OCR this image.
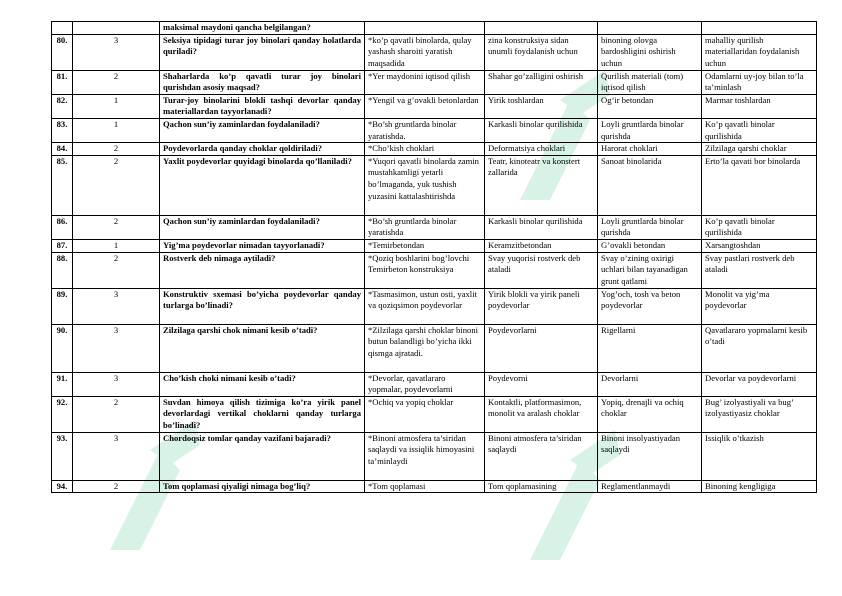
		maksimal maydoni qancha belgilangan?				
80.	3	Seksiya tipidagi turar joy binolari qanday holatlarda quriladi?	*ko’p qavatli binolarda, qulay yashash sharoiti yaratish maqsadida	zina konstruksiya sidan unumli foydalanish uchun	binoning olovga bardoshliginі oshirish uchun	mahalliy qurilish materiallaridan foydalanish uchun
81.	2	Shaharlarda ko’p qavatli turar joy binolari qurishdan asosiy maqsad?	*Yer maydonini iqtisod qilish	Shahar go’zalligini oshirish	Qurilish materiali (tom) iqtisod qilish	Odamlarni uy-joy bilan to’la ta’minlash
82.	1	Turar-joy binolarini blokli tashqi devorlar qanday materiallardan tayyorlanadi?	*Yengil va g’ovakli betonlardan	Yirik toshlardan	Og’ir betondan	Marmar toshlardan
83.	1	Qachon sun’iy zaminlardan foydalaniladi?	*Bo’sh gruntlarda binolar yaratishda.	Karkasli binolar qurilishida	Loyli gruntlarda binolar qurishda	Ko’p qavatli binolar qurilishida
84.	2	Poydevorlarda qanday choklar qoldiriladi?	*Cho’kish choklari	Deformatsiya choklari	Harorat choklari	Zilzilaga qarshi choklar
85.	2	Yaxlit poydevorlar quyidagi binolarda qo’llaniladi?	*Yuqori qavatli binolarda zamin mustahkamligi yetarli bo’lmaganda, yuk tushish yuzasini kattalashtirishda	Teatr, kinoteatr va konstert zallarida	Sanoat binolarida	Erto’la qavati bor binolarda
86.	2	Qachon sun’iy zaminlardan foydalaniladi?	*Bo’sh gruntlarda binolar yaratishda	Karkasli binolar qurilishida	Loyli gruntlarda binolar qurishda	Ko’p qavatli binolar qurilishida
87.	1	Yig’ma poydevorlar nimadan tayyorlanadi?	*Temirbetondan	Keramzitbetondan	G’ovakli betondan	Xarsangtoshdan
88.	2	Rostverk deb nimaga aytiladi?	*Qoziq boshlarini bog’lovchi Temirbeton konstruksiya	Svay yuqorisi rostverk deb ataladi	Svay o’zining oxirigi uchlari bilan tayanadigan grunt qatlami	Svay pastlari rostverk deb ataladi
89.	3	Konstruktiv sxemasi bo’yicha poydevorlar qanday turlarga bo’linadi?	*Tasmasimon, ustun osti, yaxlit va qoziqsimon poydevorlar	Yirik blokli va yirik paneli poydevorlar	Yog’och, tosh va beton poydevorlar	Monolit va yig’ma poydevorlar
90.	3	Zilzilaga qarshi chok nimani kesib o’tadi?	*Zilzilaga qarshi choklar binoni butun balandligi bo’yicha ikki qismga ajratadi.	Poydevorlarni	Rigellarni	Qavatlararo yopmalarni kesib o’tadi
91.	3	Cho’kish choki nimani kesib o’tadi?	*Devorlar, qavatlararo yopmalar, poydevorlarni	Poydevorni	Devorlarni	Devorlar va poydevorlarni
92.	2	Suvdan himoya qilish tizimiga ko’ra yirik panel devorlardagi vertikal choklarni qanday turlarga bo’linadi?	*Ochiq va yopiq choklar	Kontaktli, platformasimon, monolit va aralash choklar	Yopiq, drenajli va ochiq choklar	Bug’ izolyastiyali va bug’ izolyastiyasiz choklar
93.	3	Chordoqsiz tomlar qanday vazifani bajaradi?	*Binoni atmosfera ta’siridan saqlaydi va issiqlik himoyasini ta’minlaydi	Binoni atmosfera ta’siridan saqlaydi	Binoni insolyastiyadan saqlaydi	Issiqlik o’tkazish
94.	2	Tom qoplamasi qiyaligi nimaga bog’liq?	*Tom qoplamasi	Tom qoplamasining	Reglamentlanmaydi	Binoning kengligiga
